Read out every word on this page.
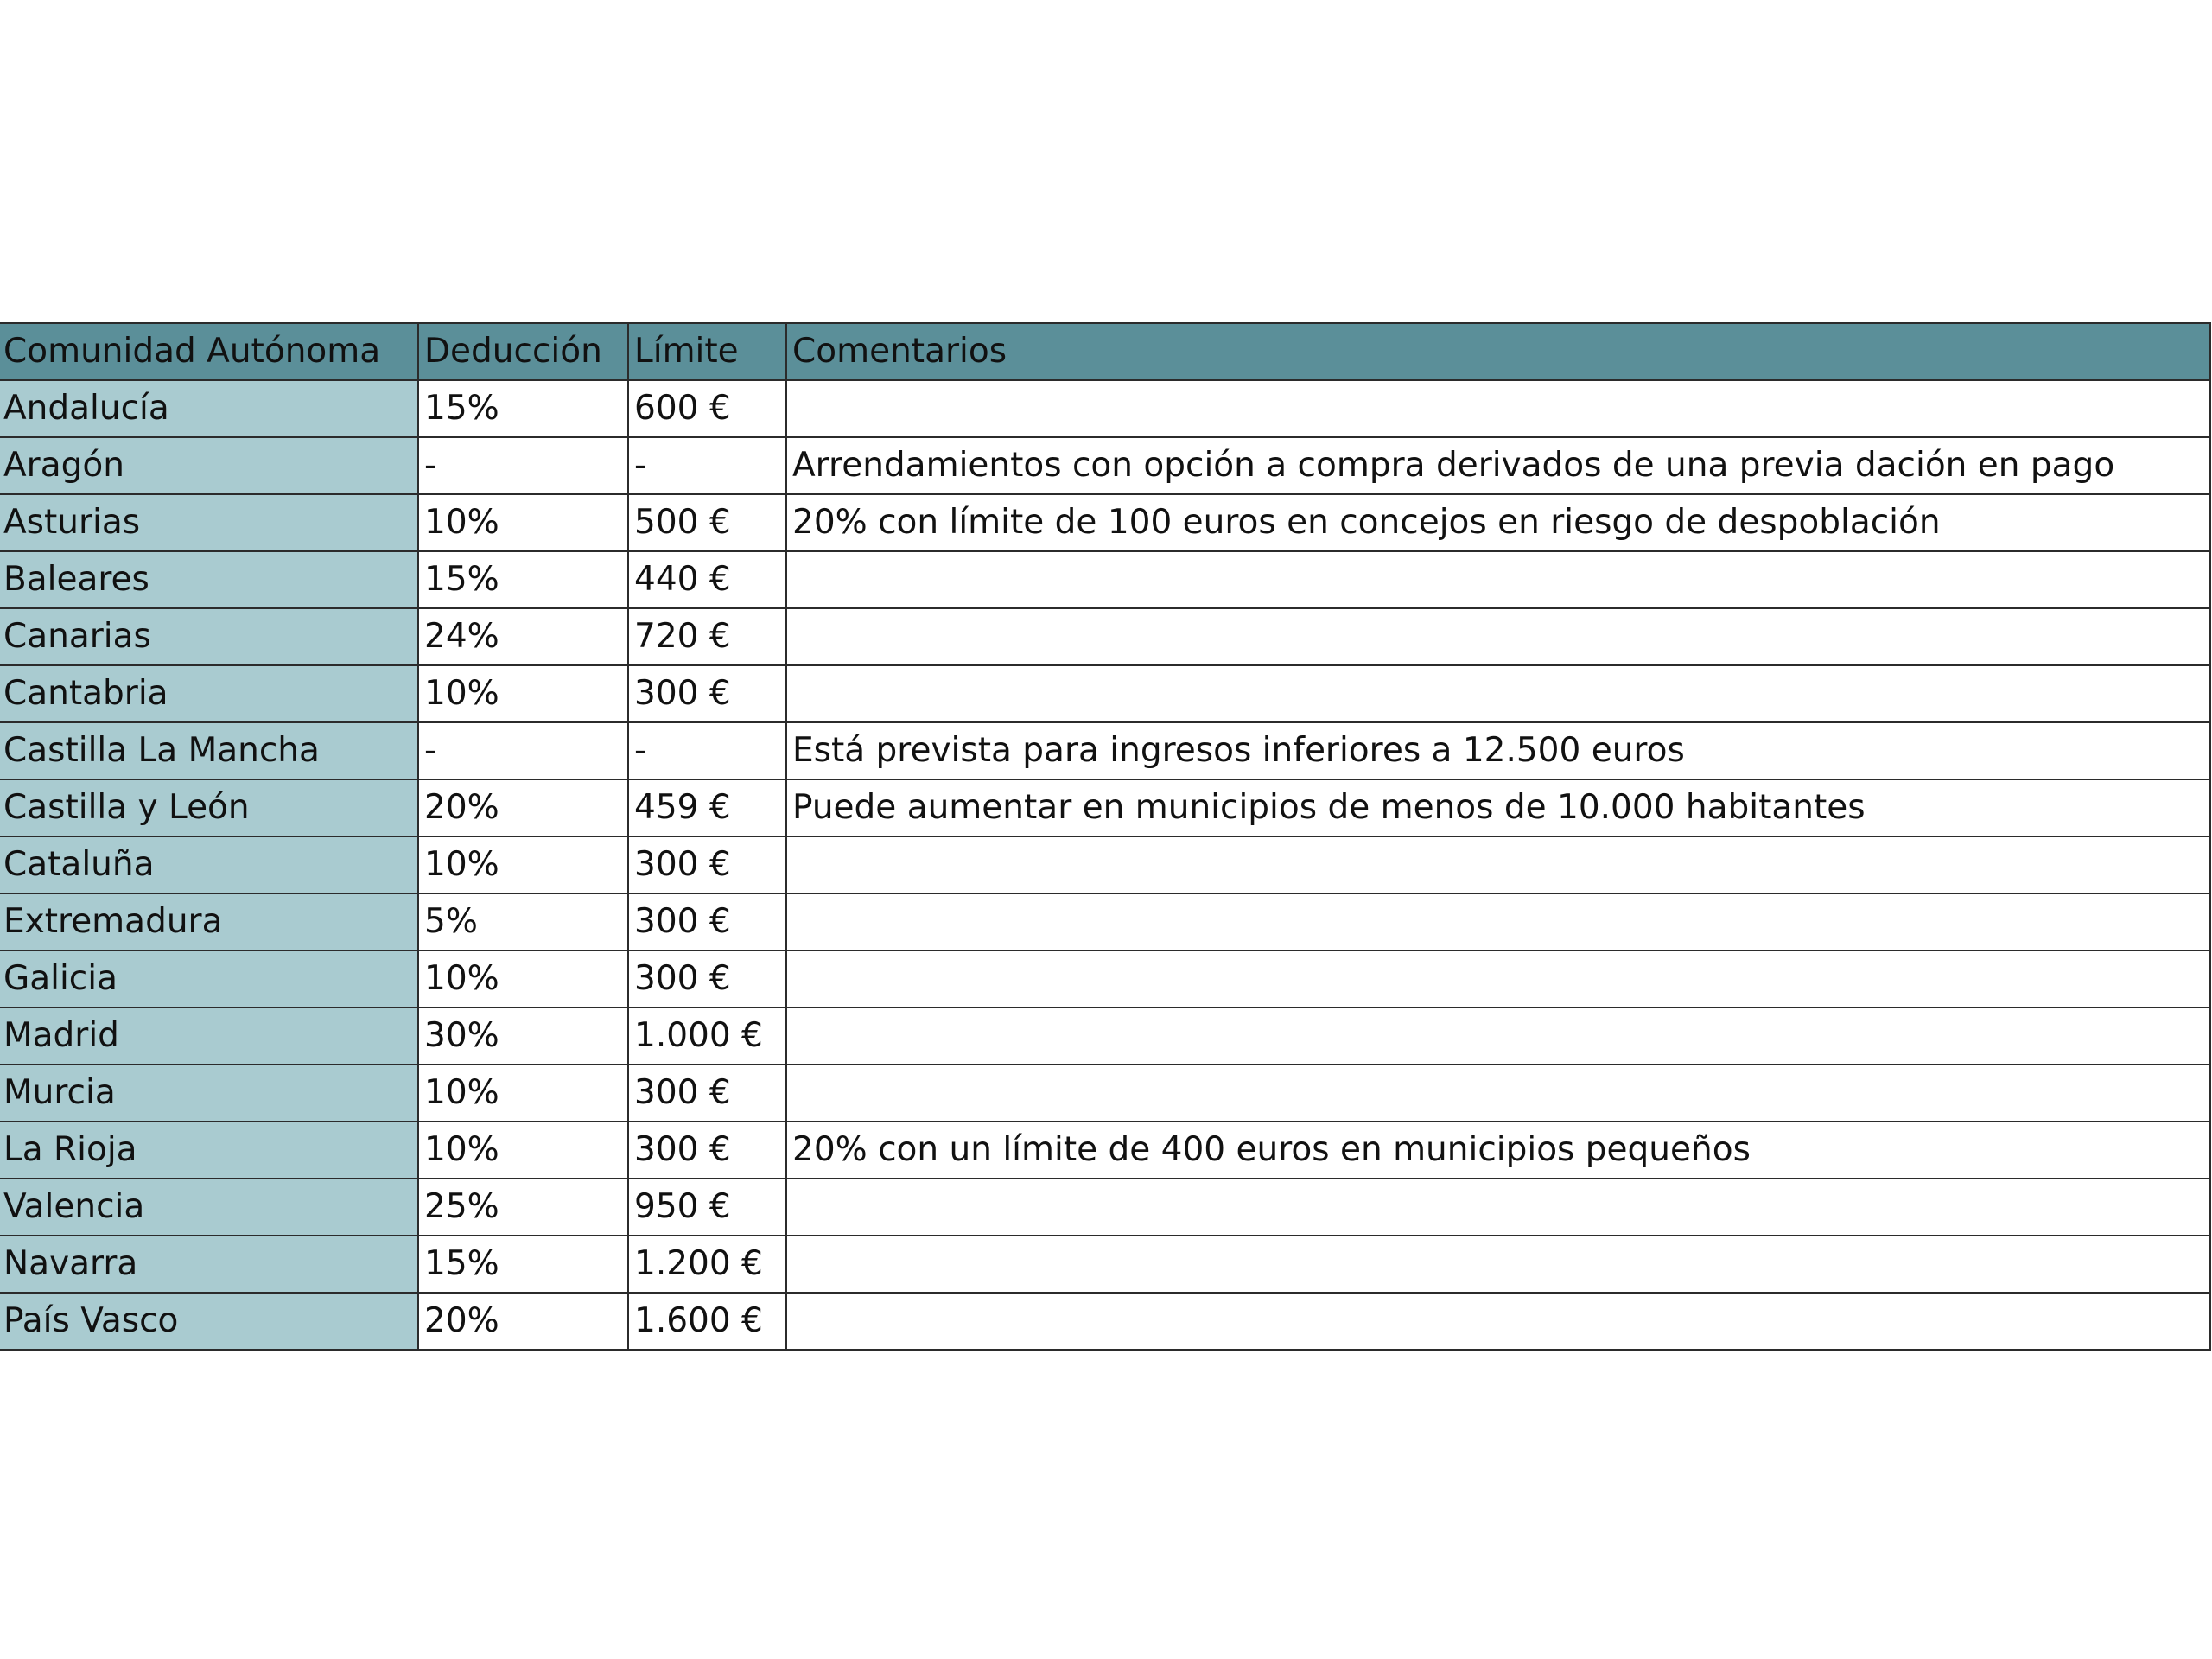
Comunidad Autónoma	Deducción	Límite	Comentarios
Andalucía	15%	600 €	
Aragón	-	-	Arrendamientos con opción a compra derivados de una previa dación en pago
Asturias	10%	500 €	20% con límite de 100 euros en concejos en riesgo de despoblación
Baleares	15%	440 €	
Canarias	24%	720 €	
Cantabria	10%	300 €	
Castilla La Mancha	-	-	Está prevista para ingresos inferiores a 12.500 euros
Castilla y León	20%	459 €	Puede aumentar en municipios de menos de 10.000 habitantes
Cataluña	10%	300 €	
Extremadura	5%	300 €	
Galicia	10%	300 €	
Madrid	30%	1.000 €	
Murcia	10%	300 €	
La Rioja	10%	300 €	20% con un límite de 400 euros en municipios pequeños
Valencia	25%	950 €	
Navarra	15%	1.200 €	
País Vasco	20%	1.600 €	
